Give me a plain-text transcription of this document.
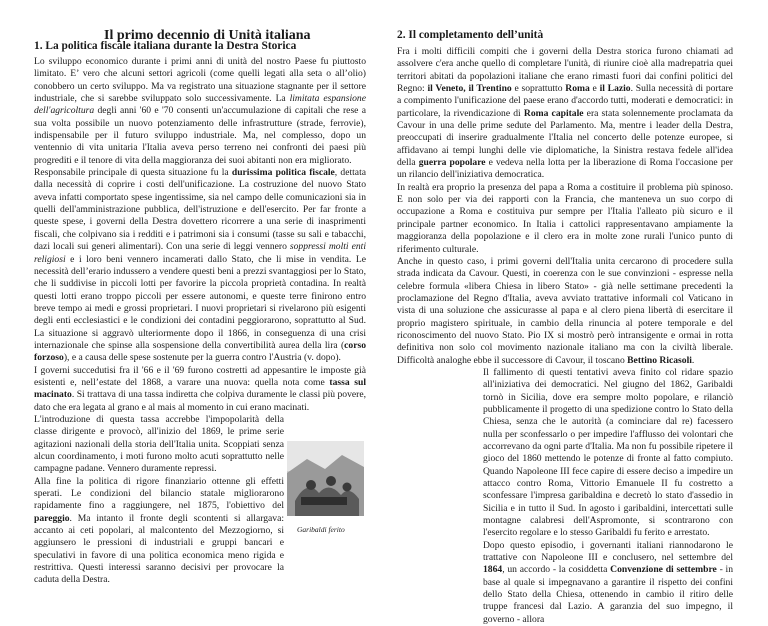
Il primo decennio di Unità italiana
1. La politica fiscale italiana durante la Destra Storica
2. Il completamento dell’unità

Lo sviluppo economico durante i primi anni di unità del nostro Paese fu piuttosto limitato. E’ vero che alcuni settori agricoli (come quelli legati alla seta o all’olio) conobbero un certo sviluppo. Ma va registrato una situazione stagnante per il settore industriale, che si sarebbe sviluppato solo successivamente. La limitata espansione dell'agricoltura degli anni '60 e '70 consenti un'accumulazione di capitali che rese a sua volta possibile un nuovo potenziamento delle infrastrutture (strade, ferrovie), indispensabile per il futuro sviluppo industriale. Ma, nel complesso, dopo un ventennio di vita unitaria l'Italia aveva perso terreno nei confronti dei paesi più progrediti e il tenore di vita della maggioranza dei suoi abitanti non era migliorato.

Responsabile principale di questa situazione fu la durissima politica fiscale, dettata dalla necessità di coprire i costi dell'unificazione. La costruzione del nuovo Stato aveva infatti comportato spese ingentissime, sia nel campo delle comunicazioni sia in quelli dell'amministrazione pubblica, dell'istruzione e dell'esercito. Per far fronte a queste spese, i governi della Destra dovettero ricorrere a una serie di inasprimenti fiscali, che colpivano sia i redditi e i patrimoni sia i consumi (tasse su sali e tabacchi, dazi locali sui generi alimentari). Con una serie di leggi vennero soppressi molti enti religiosi e i loro beni vennero incamerati dallo Stato, che li mise in vendita. Le necessità dell’erario indussero a vendere questi beni a prezzi svantaggiosi per lo Stato, che li suddivise in piccoli lotti per favorire la piccola proprietà contadina. In realtà questi lotti erano troppo piccoli per essere autonomi, e queste terre finirono entro breve tempo ai medi e grossi proprietari. I nuovi proprietari si rivelarono più esigenti degli enti ecclesiastici e le condizioni dei contadini peggiorarono, soprattutto al Sud. La situazione si aggravò ulteriormente dopo il 1866, in conseguenza di una crisi internazionale che spinse alla sospensione della convertibilità aurea della lira (corso forzoso), e a causa delle spese sostenute per la guerra contro l'Austria (v. dopo).

I governi succedutisi fra il '66 e il '69 furono costretti ad appesantire le imposte già esistenti e, nell’estate del 1868, a varare una nuova: quella nota come tassa sul macinato. Si trattava di una tassa indiretta che colpiva duramente le classi più povere, dato che era legata al grano e al mais al momento in cui erano macinati.

L'introduzione di questa tassa accrebbe l'impopolarità della classe dirigente e provocò, all'inizio del 1869, le prime serie agitazioni nazionali della storia dell'Italia unita. Scoppiati senza alcun coordinamento, i moti furono molto acuti soprattutto nelle campagne padane. Vennero duramente repressi.

Alla fine la politica di rigore finanziario ottenne gli effetti sperati. Le condizioni del bilancio statale migliorarono rapidamente fino a raggiungere, nel 1875, l'obiettivo del pareggio. Ma intanto il fronte degli scontenti si allargava: accanto ai ceti popolari, al malcontento del Mezzogiorno, si aggiunsero le pressioni di industriali e gruppi bancari e speculativi in favore di una politica economica meno rigida e restrittiva. Questi interessi saranno decisivi per provocare la caduta della Destra.

Garibaldi ferito

Fra i molti difficili compiti che i governi della Destra storica furono chiamati ad assolvere c'era anche quello di completare l'unità, di riunire cioè alla madrepatria quei territori abitati da popolazioni italiane che erano rimasti fuori dai confini politici del Regno: il Veneto, il Trentino e soprattutto Roma e il Lazio. Sulla necessità di portare a compimento l'unificazione del paese erano d'accordo tutti, moderati e democratici: in particolare, la rivendicazione di Roma capitale era stata solennemente proclamata da Cavour in una delle prime sedute del Parlamento. Ma, mentre i leader della Destra, preoccupati di inserire gradualmente l'Italia nel concerto delle potenze europee, si affidavano ai tempi lunghi delle vie diplomatiche, la Sinistra restava fedele all'idea della guerra popolare e vedeva nella lotta per la liberazione di Roma l'occasione per un rilancio dell'iniziativa democratica.

In realtà era proprio la presenza del papa a Roma a costituire il problema più spinoso. E non solo per via dei rapporti con la Francia, che manteneva un suo corpo di occupazione a Roma e costituiva pur sempre per l'Italia l'alleato più sicuro e il principale partner economico. In Italia i cattolici rappresentavano ampiamente la maggioranza della popolazione e il clero era in molte zone rurali l'unico punto di riferimento culturale.

Anche in questo caso, i primi governi dell'Italia unita cercarono di procedere sulla strada indicata da Cavour. Questi, in coerenza con le sue convinzioni - espresse nella celebre formula «libera Chiesa in libero Stato» - già nelle settimane precedenti la proclamazione del Regno d'Italia, aveva avviato trattative informali col Vaticano in vista di una soluzione che assicurasse al papa e al clero piena libertà di esercitare il proprio magistero spirituale, in cambio della rinuncia al potere temporale e del riconoscimento del nuovo Stato. Pio IX si mostrò però intransigente e ormai in rotta definitiva non solo col movimento nazionale italiano ma con la civiltà liberale. Difficoltà analoghe ebbe il successore di Cavour, il toscano Bettino Ricasoli.

Il fallimento di questi tentativi aveva finito col ridare spazio all'iniziativa dei democratici. Nel giugno del 1862, Garibaldi tornò in Sicilia, dove era sempre molto popolare, e rilanciò pubblicamente il progetto di una spedizione contro lo Stato della Chiesa, senza che le autorità (a cominciare dal re) facessero nulla per sconfessarlo o per impedire l'afflusso dei volontari che accorrevano da ogni parte d'Italia. Ma non fu possibile ripetere il gioco del 1860 mettendo le potenze di fronte al fatto compiuto. Quando Napoleone III fece capire di essere deciso a impedire un attacco contro Roma, Vittorio Emanuele II fu costretto a sconfessare l'impresa garibaldina e decretò lo stato d'assedio in Sicilia e in tutto il Sud. In agosto i garibaldini, intercettati sulle montagne calabresi dell'Aspromonte, si scontrarono con l'esercito regolare e lo stesso Garibaldi fu ferito e arrestato.

Dopo questo episodio, i governanti italiani riannodarono le trattative con Napoleone III e conclusero, nel settembre del 1864, un accordo - la cosiddetta Convenzione di settembre - in base al quale si impegnavano a garantire il rispetto dei confini dello Stato della Chiesa, ottenendo in cambio il ritiro delle truppe francesi dal Lazio. A garanzia del suo impegno, il governo - allora
